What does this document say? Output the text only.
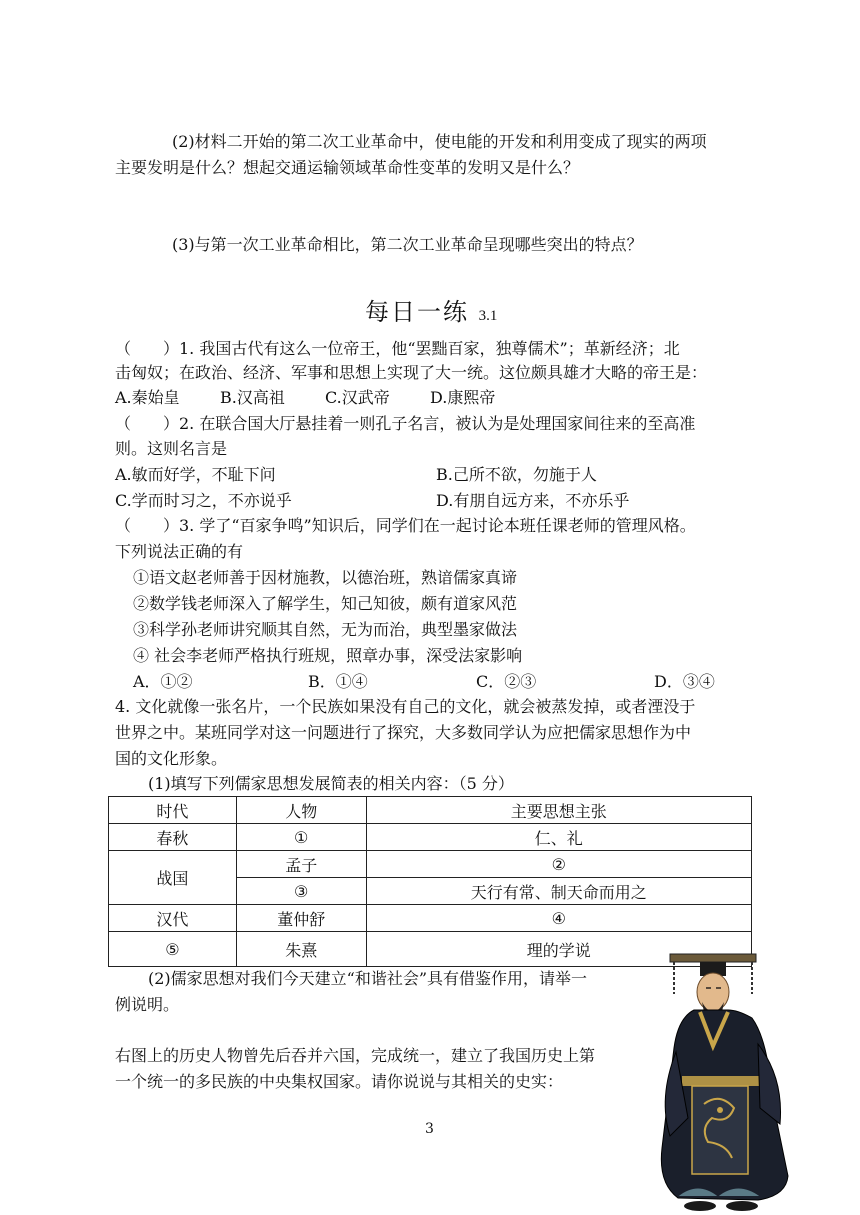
(2)材料二开始的第二次工业革命中，使电能的开发和利用变成了现实的两项
主要发明是什么？想起交通运输领域革命性变革的发明又是什么？
(3)与第一次工业革命相比，第二次工业革命呈现哪些突出的特点？
每日一练 3.1
（　　）1. 我国古代有这么一位帝王，他“罢黜百家，独尊儒术”；革新经济；北
击匈奴；在政治、经济、军事和思想上实现了大一统。这位颇具雄才大略的帝王是：
A.秦始皇	B.汉高祖	C.汉武帝	D.康熙帝
（　　）2. 在联合国大厅悬挂着一则孔子名言，被认为是处理国家间往来的至高准
则。这则名言是
A.敏而好学，不耻下问	B.己所不欲，勿施于人
C.学而时习之，不亦说乎	D.有朋自远方来，不亦乐乎
（　　）3. 学了“百家争鸣”知识后，同学们在一起讨论本班任课老师的管理风格。
下列说法正确的有
①语文赵老师善于因材施教，以德治班，熟谙儒家真谛
②数学钱老师深入了解学生，知己知彼，颇有道家风范
③科学孙老师讲究顺其自然，无为而治，典型墨家做法
④ 社会李老师严格执行班规，照章办事，深受法家影响
A．①②	B．①④	C．②③	D．③④
4. 文化就像一张名片，一个民族如果没有自己的文化，就会被蒸发掉，或者湮没于
世界之中。某班同学对这一问题进行了探究，大多数同学认为应把儒家思想作为中
国的文化形象。
(1)填写下列儒家思想发展简表的相关内容：（5 分）
时代	人物	主要思想主张
春秋	①	仁、礼
战国	孟子	②
	③	天行有常、制天命而用之
汉代	董仲舒	④
⑤	朱熹	理的学说
(2)儒家思想对我们今天建立“和谐社会”具有借鉴作用，请举一
例说明。
右图上的历史人物曾先后吞并六国，完成统一，建立了我国历史上第
一个统一的多民族的中央集权国家。请你说说与其相关的史实：
3
